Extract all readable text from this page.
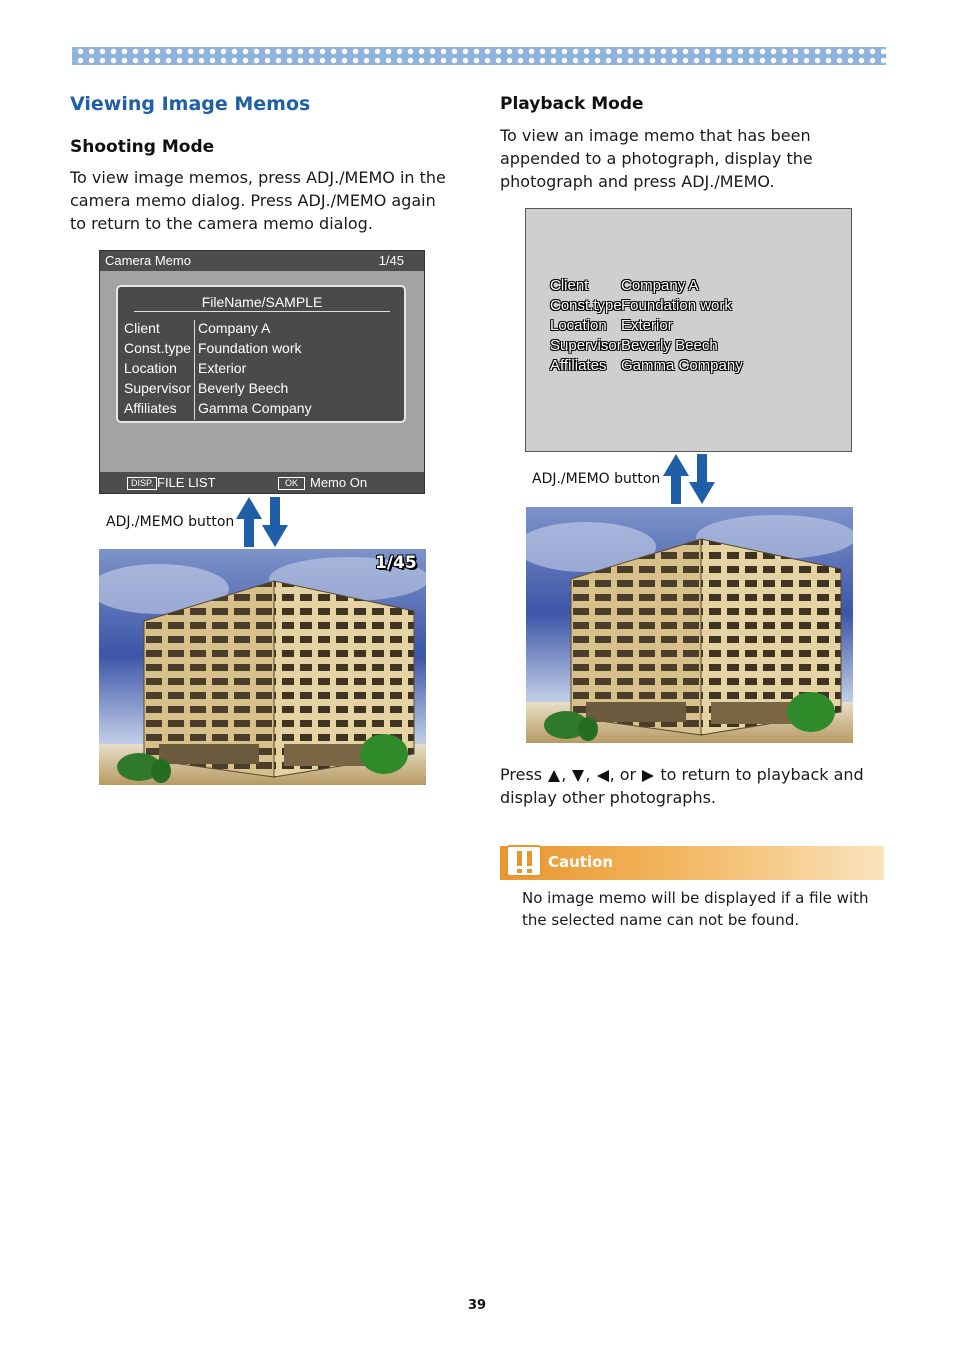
Viewing Image Memos
Shooting Mode

To view image memos, press ADJ./MEMO in the camera memo dialog. Press ADJ./MEMO again to return to the camera memo dialog.

Camera Memo	1/45
FileName/SAMPLE
Client	Company A
Const.type Foundation work
Location Exterior
Supervisor Beverly Beech
Affiliates Gamma Company
DISP. FILE LIST	OK Memo On
ADJ./MEMO button
1/45
Playback Mode

To view an image memo that has been appended to a photograph, display the photograph and press ADJ./MEMO.

Client Company A
Const.type Foundation work
Location Exterior
Supervisor Beverly Beech
Affiliates Gamma Company
ADJ./MEMO button

Press , , , or to return to playback and display other photographs.

Caution

No image memo will be displayed if a file with the selected name can not be found.

39
